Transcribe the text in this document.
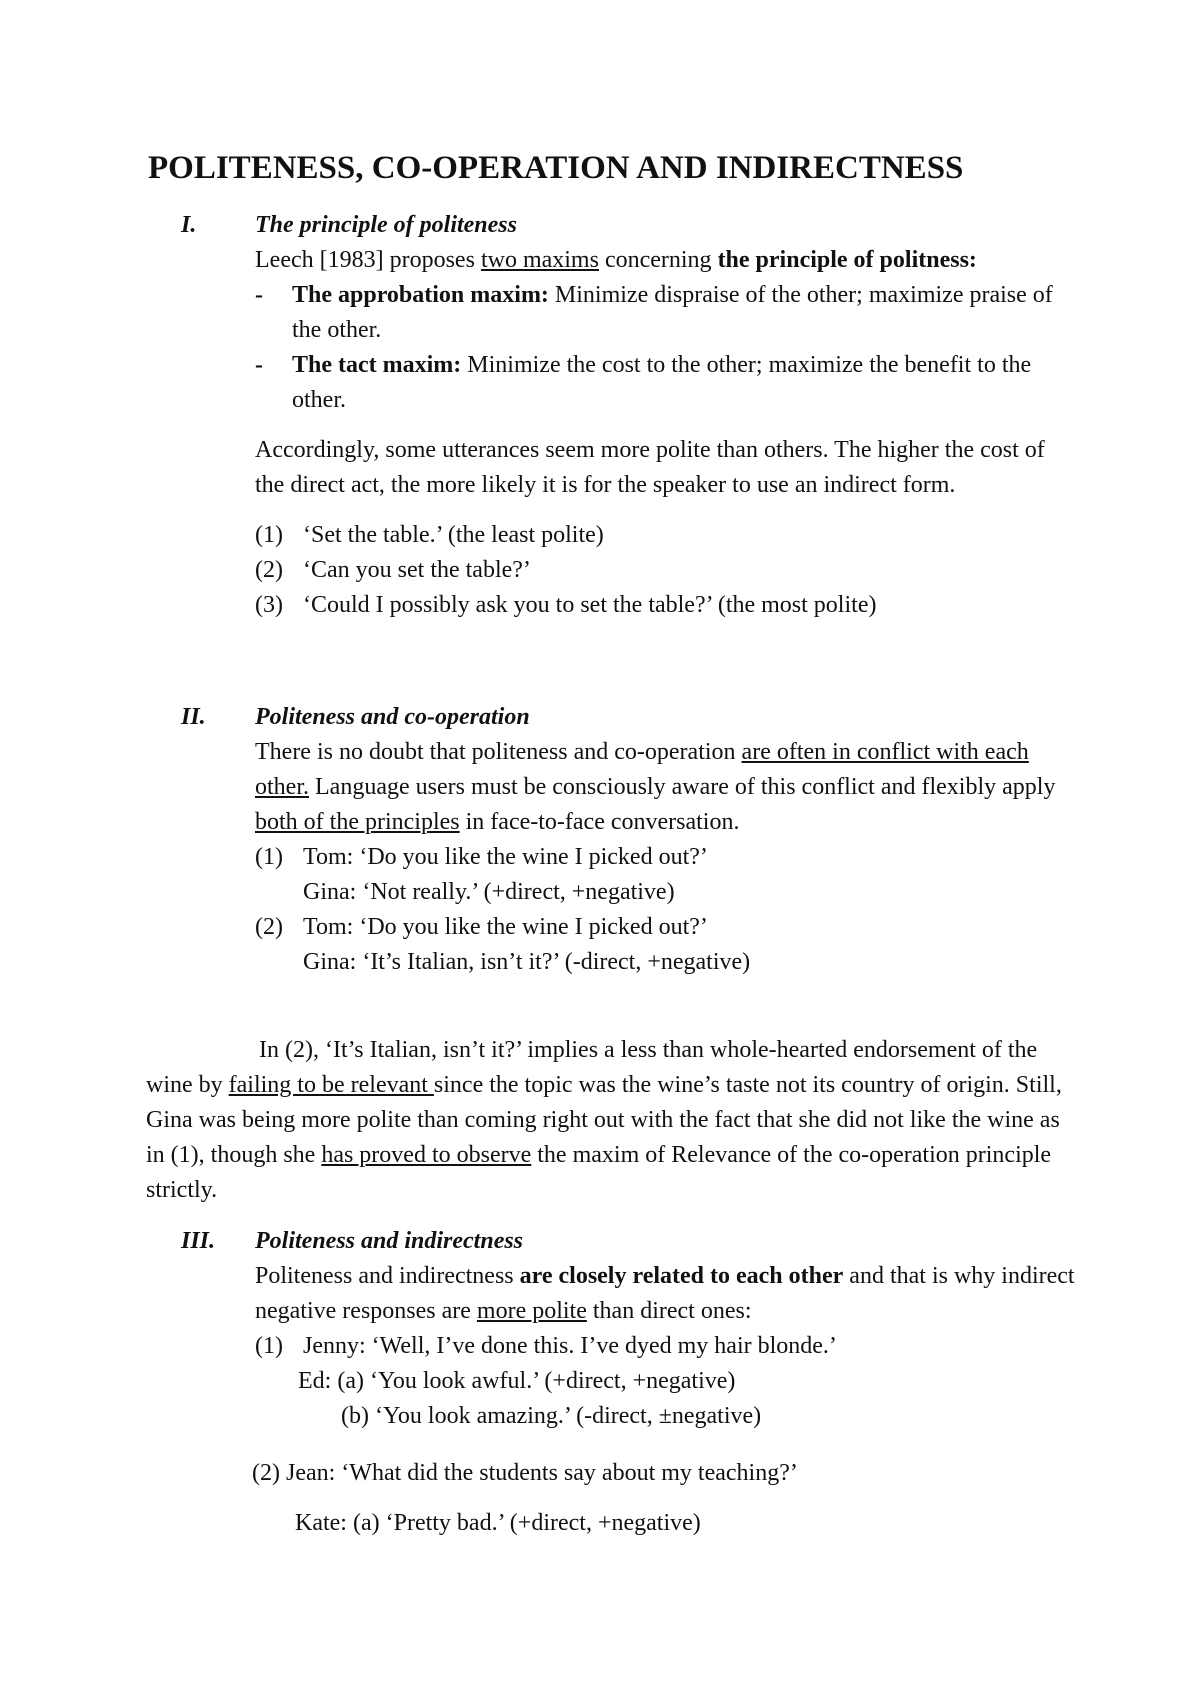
POLITENESS, CO-OPERATION AND INDIRECTNESS
I. The principle of politeness

Leech [1983] proposes two maxims concerning the principle of politness:

- The approbation maxim: Minimize dispraise of the other; maximize praise of the other.
- The tact maxim: Minimize the cost to the other; maximize the benefit to the other.

Accordingly, some utterances seem more polite than others. The higher the cost of the direct act, the more likely it is for the speaker to use an indirect form.

(1) ‘Set the table.’ (the least polite)
(2) ‘Can you set the table?’
(3) ‘Could I possibly ask you to set the table?’ (the most polite)
II. Politeness and co-operation

There is no doubt that politeness and co-operation are often in conflict with each other. Language users must be consciously aware of this conflict and flexibly apply both of the principles in face-to-face conversation.

(1) Tom: ‘Do you like the wine I picked out?’
Gina: ‘Not really.’ (+direct, +negative)
(2) Tom: ‘Do you like the wine I picked out?’
Gina: ‘It’s Italian, isn’t it?’ (-direct, +negative)

In (2), ‘It’s Italian, isn’t it?’ implies a less than whole-hearted endorsement of the wine by failing to be relevant since the topic was the wine’s taste not its country of origin. Still, Gina was being more polite than coming right out with the fact that she did not like the wine as in (1), though she has proved to observe the maxim of Relevance of the co-operation principle strictly.

III. Politeness and indirectness

Politeness and indirectness are closely related to each other and that is why indirect negative responses are more polite than direct ones:

(1) Jenny: ‘Well, I’ve done this. I’ve dyed my hair blonde.’
Ed: (a) ‘You look awful.’ (+direct, +negative)
(b) ‘You look amazing.’ (-direct, ±negative)
(2) Jean: ‘What did the students say about my teaching?’
Kate: (a) ‘Pretty bad.’ (+direct, +negative)
